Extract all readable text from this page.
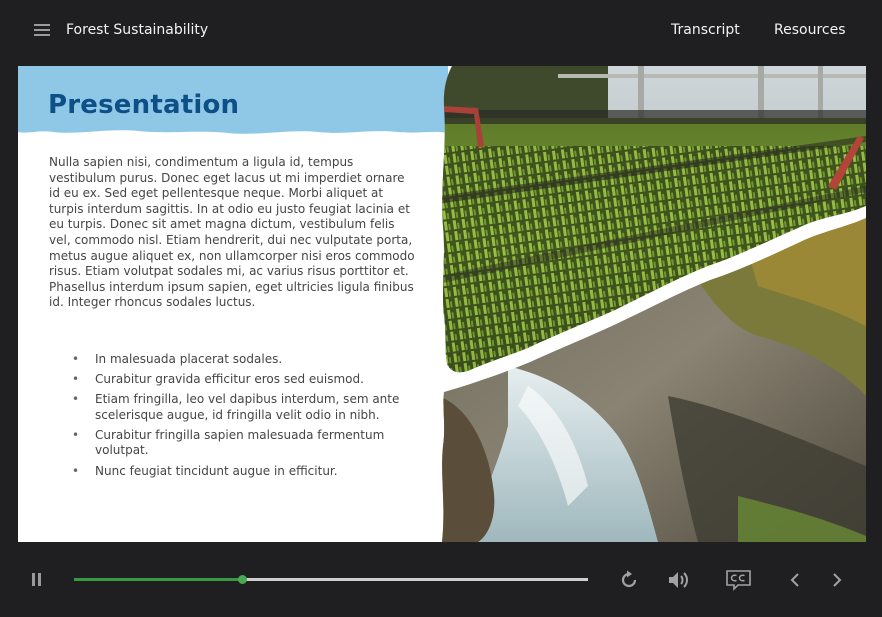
Forest Sustainability	Transcript Resources
Presentation

Nulla sapien nisi, condimentum a ligula id, tempus vestibulum purus. Donec eget lacus ut mi imperdiet ornare id eu ex. Sed eget pellentesque neque. Morbi aliquet at turpis interdum sagittis. In at odio eu justo feugiat lacinia et eu turpis. Donec sit amet magna dictum, vestibulum felis vel, commodo nisl. Etiam hendrerit, dui nec vulputate porta, metus augue aliquet ex, non ullamcorper nisi eros commodo risus. Etiam volutpat sodales mi, ac varius risus porttitor et. Phasellus interdum ipsum sapien, eget ultricies ligula finibus id. Integer rhoncus sodales luctus.

• In malesuada placerat sodales.
• Curabitur gravida efficitur eros sed euismod.
• Etiam fringilla, leo vel dapibus interdum, sem ante scelerisque augue, id fringilla velit odio in nibh.
• Curabitur fringilla sapien malesuada fermentum volutpat.
• Nunc feugiat tincidunt augue in efficitur.
